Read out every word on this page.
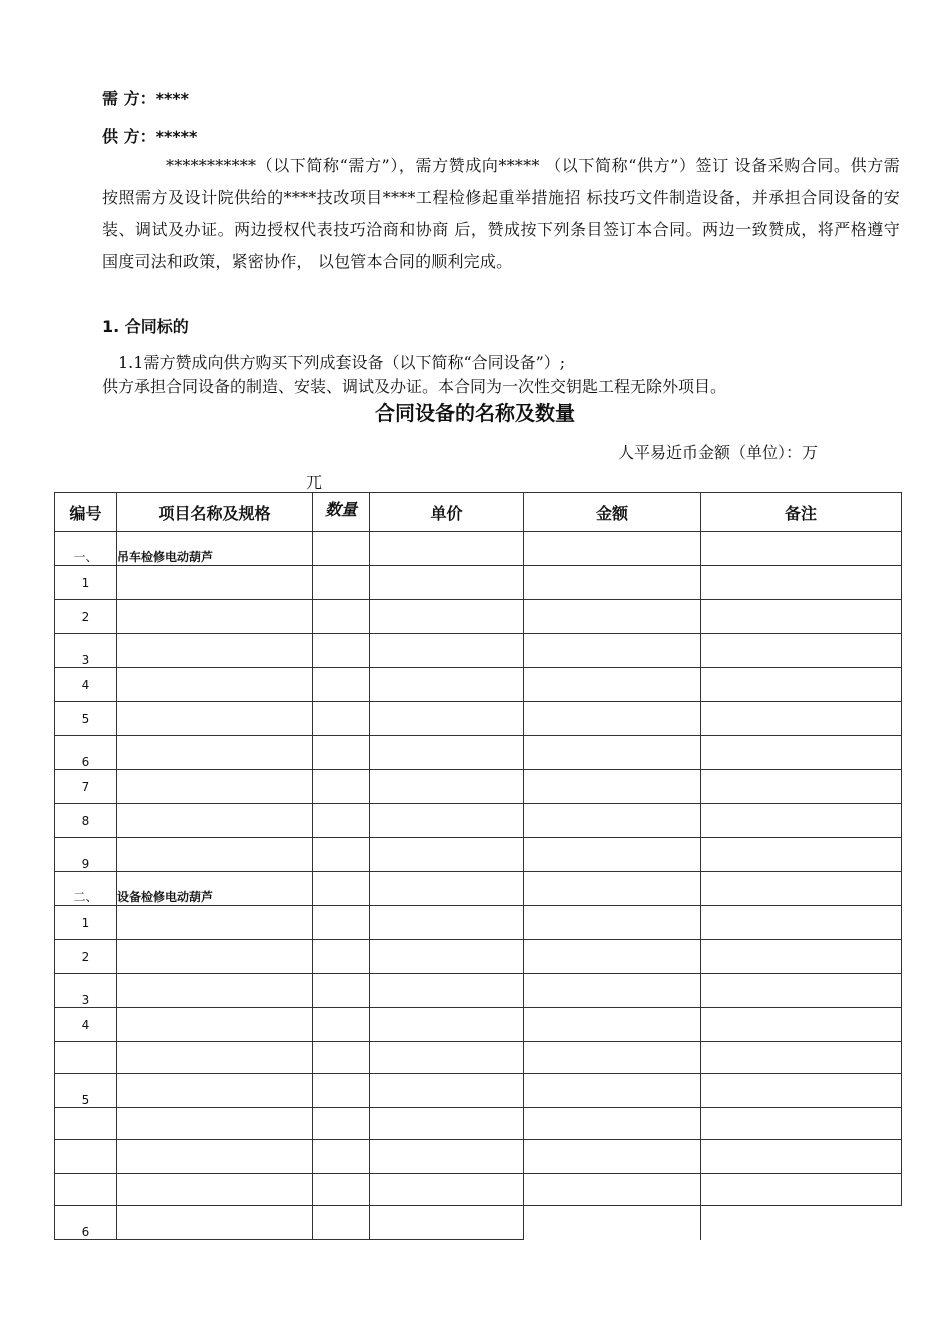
需 方：****
供 方：*****
***********（以下简称“需方”），需方赞成向***** （以下简称“供方”）签订 设备采购合同。供方需按照需方及设计院供给的****技改项目****工程检修起重举措施招 标技巧文件制造设备，并承担合同设备的安装、调试及办证。两边授权代表技巧洽商和协商 后，赞成按下列条目签订本合同。两边一致赞成，将严格遵守国度司法和政策，紧密协作， 以包管本合同的顺利完成。
1. 合同标的
1.1需方赞成向供方购买下列成套设备（以下简称“合同设备”）;
供方承担合同设备的制造、安装、调试及办证。本合同为一次性交钥匙工程无除外项目。
合同设备的名称及数量
人平易近币金额（单位）：万
兀
编号	项目名称及规格	数量	单价	金额	备注
一、	吊车检修电动葫芦				
1					
2					
3					
4					
5					
6					
7					
8					
9					
二、	设备检修电动葫芦				
1					
2					
3					
4					

5					

6					
